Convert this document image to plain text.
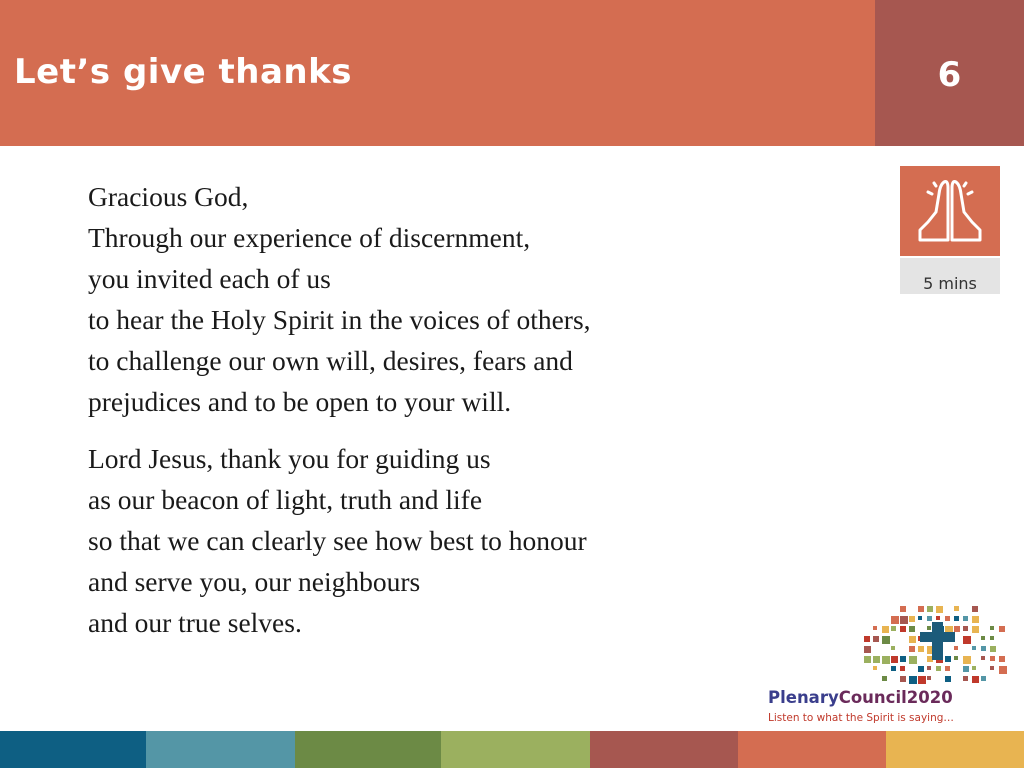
Let’s give thanks	6

Gracious God,
Through our experience of discernment,
you invited each of us
to hear the Holy Spirit in the voices of others,
to challenge our own will, desires, fears and
prejudices and to be open to your will.

Lord Jesus, thank you for guiding us
as our beacon of light, truth and life
so that we can clearly see how best to honour
and serve you, our neighbours
and our true selves.

5 mins
PlenaryCouncil2020
Listen to what the Spirit is saying…
